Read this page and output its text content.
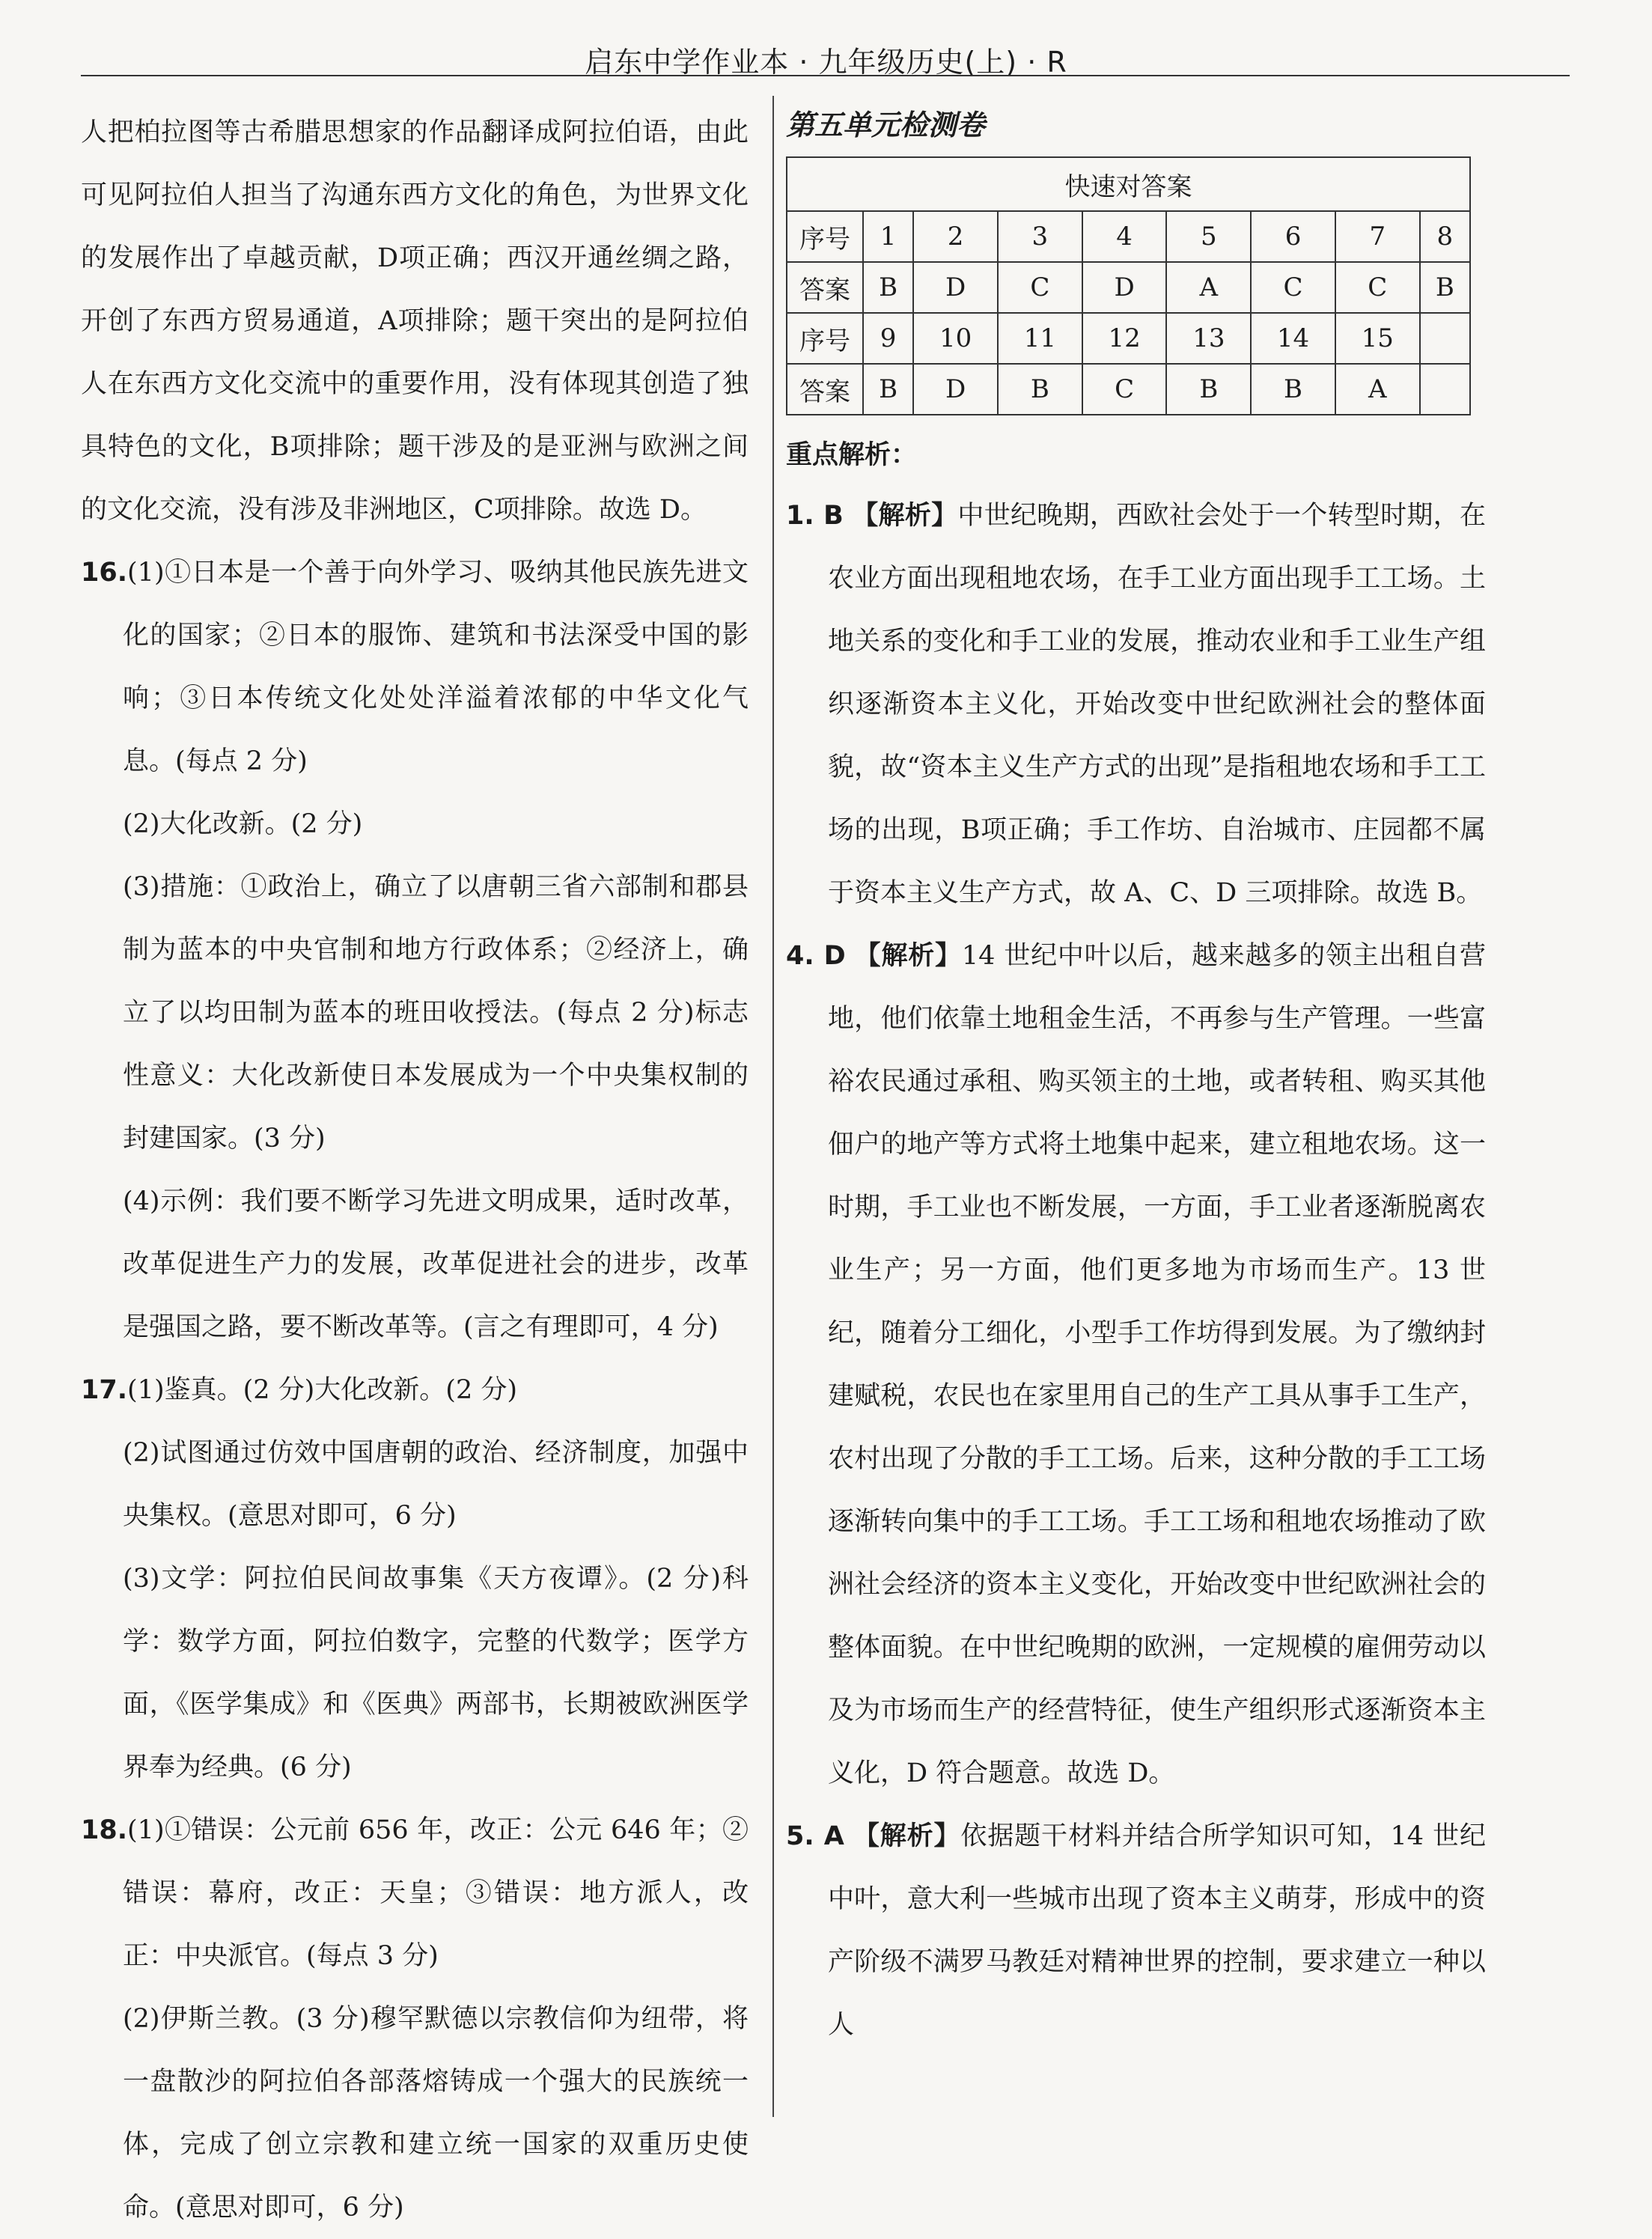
启东中学作业本 · 九年级历史(上) · R

人把柏拉图等古希腊思想家的作品翻译成阿拉伯语，由此可见阿拉伯人担当了沟通东西方文化的角色，为世界文化的发展作出了卓越贡献，D项正确；西汉开通丝绸之路，开创了东西方贸易通道，A项排除；题干突出的是阿拉伯人在东西方文化交流中的重要作用，没有体现其创造了独具特色的文化，B项排除；题干涉及的是亚洲与欧洲之间的文化交流，没有涉及非洲地区，C项排除。故选 D。

16.(1)①日本是一个善于向外学习、吸纳其他民族先进文化的国家；②日本的服饰、建筑和书法深受中国的影响；③日本传统文化处处洋溢着浓郁的中华文化气息。(每点 2 分)

(2)大化改新。(2 分)

(3)措施：①政治上，确立了以唐朝三省六部制和郡县制为蓝本的中央官制和地方行政体系；②经济上，确立了以均田制为蓝本的班田收授法。(每点 2 分)标志性意义：大化改新使日本发展成为一个中央集权制的封建国家。(3 分)

(4)示例：我们要不断学习先进文明成果，适时改革，改革促进生产力的发展，改革促进社会的进步，改革是强国之路，要不断改革等。(言之有理即可，4 分)

17.(1)鉴真。(2 分)大化改新。(2 分)

(2)试图通过仿效中国唐朝的政治、经济制度，加强中央集权。(意思对即可，6 分)

(3)文学：阿拉伯民间故事集《天方夜谭》。(2 分)科学：数学方面，阿拉伯数字，完整的代数学；医学方面，《医学集成》和《医典》两部书，长期被欧洲医学界奉为经典。(6 分)

18.(1)①错误：公元前 656 年，改正：公元 646 年；②错误：幕府，改正：天皇；③错误：地方派人，改正：中央派官。(每点 3 分)

(2)伊斯兰教。(3 分)穆罕默德以宗教信仰为纽带，将一盘散沙的阿拉伯各部落熔铸成一个强大的民族统一体，完成了创立宗教和建立统一国家的双重历史使命。(意思对即可，6 分)

第五单元检测卷

快速对答案								
序号	1	2	3	4	5	6	7	8
答案	B	D	C	D	A	C	C	B
序号	9	10	11	12	13	14	15	
答案	B	D	B	C	B	B	A	

重点解析：

1. B 【解析】中世纪晚期，西欧社会处于一个转型时期，在农业方面出现租地农场，在手工业方面出现手工工场。土地关系的变化和手工业的发展，推动农业和手工业生产组织逐渐资本主义化，开始改变中世纪欧洲社会的整体面貌，故“资本主义生产方式的出现”是指租地农场和手工工场的出现，B项正确；手工作坊、自治城市、庄园都不属于资本主义生产方式，故 A、C、D 三项排除。故选 B。

4. D 【解析】14 世纪中叶以后，越来越多的领主出租自营地，他们依靠土地租金生活，不再参与生产管理。一些富裕农民通过承租、购买领主的土地，或者转租、购买其他佃户的地产等方式将土地集中起来，建立租地农场。这一时期，手工业也不断发展，一方面，手工业者逐渐脱离农业生产；另一方面，他们更多地为市场而生产。13 世纪，随着分工细化，小型手工作坊得到发展。为了缴纳封建赋税，农民也在家里用自己的生产工具从事手工生产，农村出现了分散的手工工场。后来，这种分散的手工工场逐渐转向集中的手工工场。手工工场和租地农场推动了欧洲社会经济的资本主义变化，开始改变中世纪欧洲社会的整体面貌。在中世纪晚期的欧洲，一定规模的雇佣劳动以及为市场而生产的经营特征，使生产组织形式逐渐资本主义化，D 符合题意。故选 D。

5. A 【解析】依据题干材料并结合所学知识可知，14 世纪中叶，意大利一些城市出现了资本主义萌芽，形成中的资产阶级不满罗马教廷对精神世界的控制，要求建立一种以人
